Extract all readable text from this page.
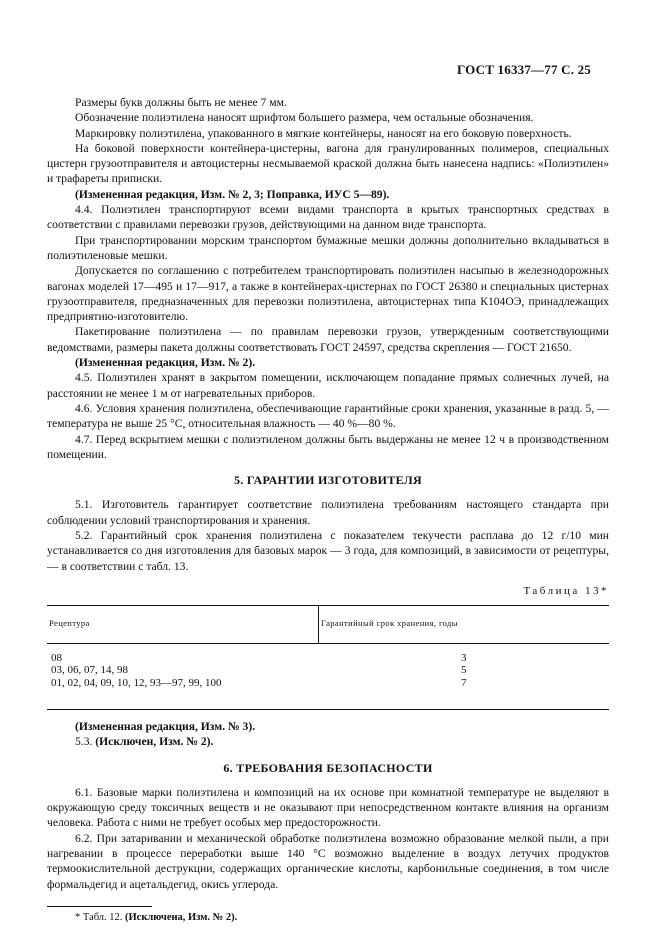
ГОСТ 16337—77 С. 25

Размеры букв должны быть не менее 7 мм.

Обозначение полиэтилена наносят шрифтом большего размера, чем остальные обозначения.

Маркировку полиэтилена, упакованного в мягкие контейнеры, наносят на его боковую поверхность.

На боковой поверхности контейнера-цистерны, вагона для гранулированных полимеров, специальных цистерн грузоотправителя и автоцистерны несмываемой краской должна быть нанесена надпись: «Полиэтилен» и трафареты приписки.

(Измененная редакция, Изм. № 2, 3; Поправка, ИУС 5—89).

4.4. Полиэтилен транспортируют всеми видами транспорта в крытых транспортных средствах в соответствии с правилами перевозки грузов, действующими на данном виде транспорта.

При транспортировании морским транспортом бумажные мешки должны дополнительно вкладываться в полиэтиленовые мешки.

Допускается по соглашению с потребителем транспортировать полиэтилен насыпью в железнодорожных вагонах моделей 17—495 и 17—917, а также в контейнерах-цистернах по ГОСТ 26380 и специальных цистернах грузоотправителя, предназначенных для перевозки полиэтилена, автоцистернах типа К104ОЭ, принадлежащих предприятию-изготовителю.

Пакетирование полиэтилена — по правилам перевозки грузов, утвержденным соответствующими ведомствами, размеры пакета должны соответствовать ГОСТ 24597, средства скрепления — ГОСТ 21650.

(Измененная редакция, Изм. № 2).

4.5. Полиэтилен хранят в закрытом помещении, исключающем попадание прямых солнечных лучей, на расстоянии не менее 1 м от нагревательных приборов.

4.6. Условия хранения полиэтилена, обеспечивающие гарантийные сроки хранения, указанные в разд. 5, — температура не выше 25 °С, относительная влажность — 40 %—80 %.

4.7. Перед вскрытием мешки с полиэтиленом должны быть выдержаны не менее 12 ч в производственном помещении.

5. ГАРАНТИИ ИЗГОТОВИТЕЛЯ

5.1. Изготовитель гарантирует соответствие полиэтилена требованиям настоящего стандарта при соблюдении условий транспортирования и хранения.

5.2. Гарантийный срок хранения полиэтилена с показателем текучести расплава до 12 г/10 мин устанавливается со дня изготовления для базовых марок — 3 года, для композиций, в зависимости от рецептуры, — в соответствии с табл. 13.

Таблица 13*
Рецептура	Гарантийный срок хранения, годы
08	3
03, 06, 07, 14, 98	5
01, 02, 04, 09, 10, 12, 93—97, 99, 100	7

(Измененная редакция, Изм. № 3).

5.3. (Исключен, Изм. № 2).

6. ТРЕБОВАНИЯ БЕЗОПАСНОСТИ

6.1. Базовые марки полиэтилена и композиций на их основе при комнатной температуре не выделяют в окружающую среду токсичных веществ и не оказывают при непосредственном контакте влияния на организм человека. Работа с ними не требует особых мер предосторожности.

6.2. При затаривании и механической обработке полиэтилена возможно образование мелкой пыли, а при нагревании в процессе переработки выше 140 °С возможно выделение в воздух летучих продуктов термоокислительной деструкции, содержащих органические кислоты, карбонильные соединения, в том числе формальдегид и ацетальдегид, окись углерода.

* Табл. 12. (Исключена, Изм. № 2).
